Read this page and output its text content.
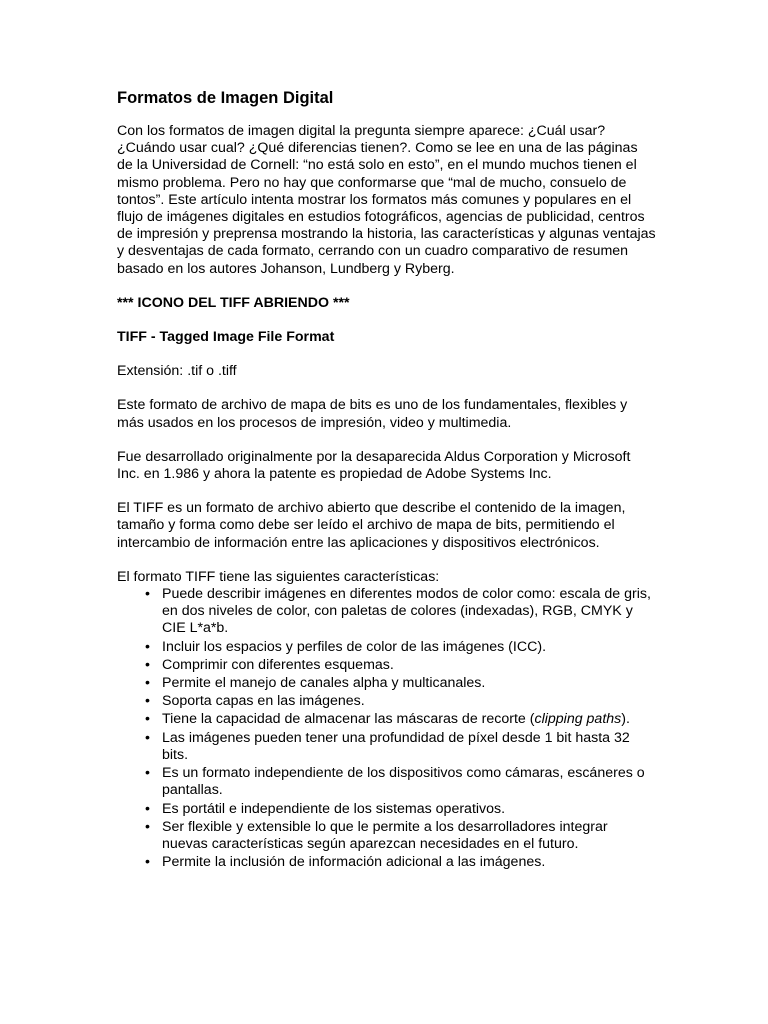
Formatos de Imagen Digital
Con los formatos de imagen digital la pregunta siempre aparece: ¿Cuál usar? ¿Cuándo usar cual? ¿Qué diferencias tienen?. Como se lee en una de las páginas de la Universidad de Cornell: “no está solo en esto”, en el mundo muchos tienen el mismo problema. Pero no hay que conformarse que “mal de mucho, consuelo de tontos”. Este artículo intenta mostrar los formatos más comunes y populares en el flujo de imágenes digitales en estudios fotográficos, agencias de publicidad, centros de impresión y preprensa mostrando la historia, las características y algunas ventajas y desventajas de cada formato, cerrando con un cuadro comparativo de resumen basado en los autores Johanson, Lundberg y Ryberg.
*** ICONO DEL TIFF ABRIENDO ***
TIFF - Tagged Image File Format
Extensión: .tif o .tiff
Este formato de archivo de mapa de bits es uno de los fundamentales, flexibles y más usados en los procesos de impresión, video y multimedia.
Fue desarrollado originalmente por la desaparecida Aldus Corporation y Microsoft Inc. en 1.986 y ahora la patente es propiedad de Adobe Systems Inc.
El TIFF es un formato de archivo abierto que describe el contenido de la imagen, tamaño y forma como debe ser leído el archivo de mapa de bits, permitiendo el intercambio de información entre las aplicaciones y dispositivos electrónicos.
El formato TIFF tiene las siguientes características:
• Puede describir imágenes en diferentes modos de color como: escala de gris, en dos niveles de color, con paletas de colores (indexadas), RGB, CMYK y CIE L*a*b.
• Incluir los espacios y perfiles de color de las imágenes (ICC).
• Comprimir con diferentes esquemas.
• Permite el manejo de canales alpha y multicanales.
• Soporta capas en las imágenes.
• Tiene la capacidad de almacenar las máscaras de recorte (clipping paths).
• Las imágenes pueden tener una profundidad de píxel desde 1 bit hasta 32 bits.
• Es un formato independiente de los dispositivos como cámaras, escáneres o pantallas.
• Es portátil e independiente de los sistemas operativos.
• Ser flexible y extensible lo que le permite a los desarrolladores integrar nuevas características según aparezcan necesidades en el futuro.
• Permite la inclusión de información adicional a las imágenes.
